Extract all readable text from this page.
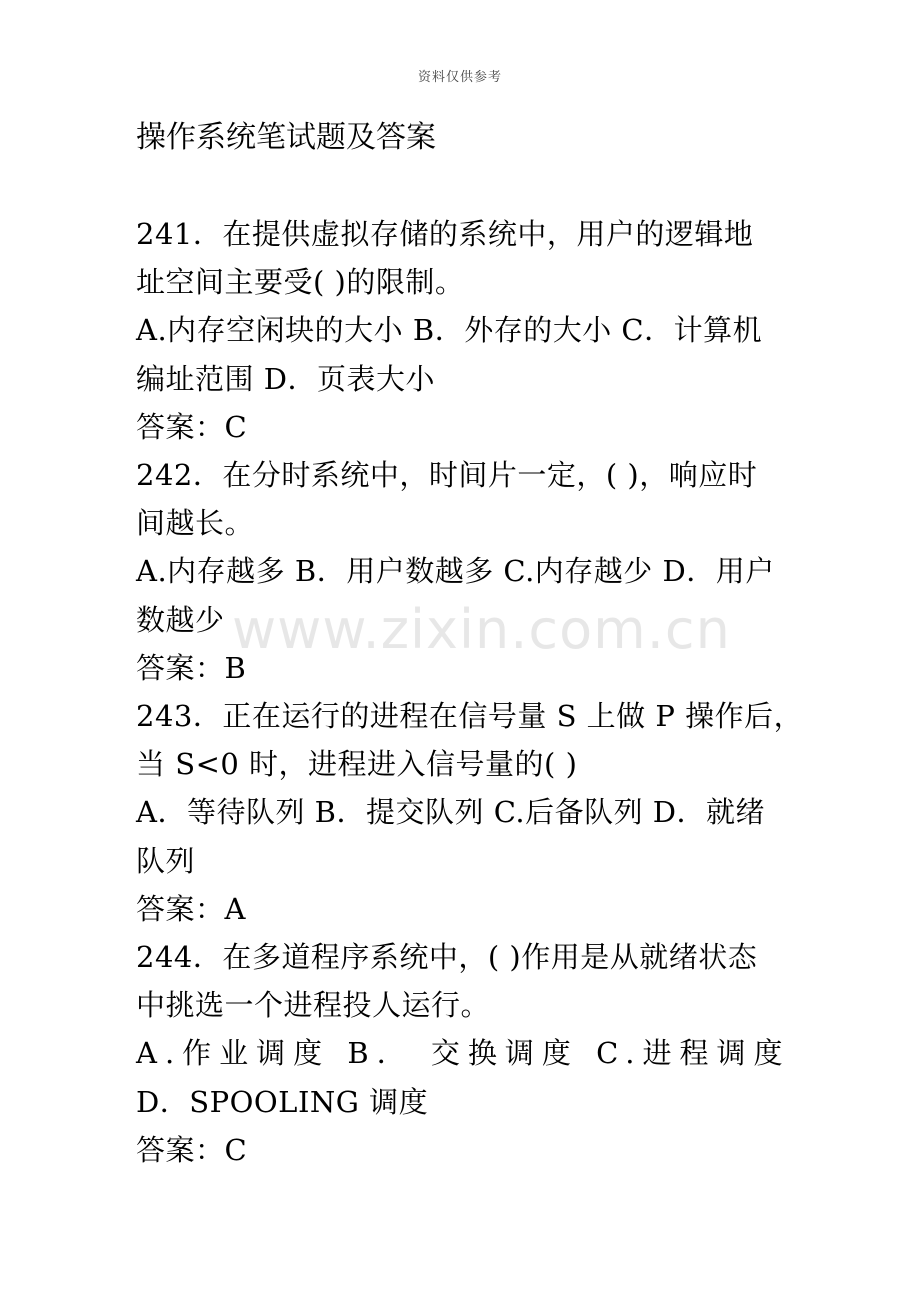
资料仅供参考
操作系统笔试题及答案
241．在提供虚拟存储的系统中，用户的逻辑地
址空间主要受( )的限制。
A.内存空闲块的大小 B．外存的大小 C．计算机
编址范围 D．页表大小
答案：C
242．在分时系统中，时间片一定，( )，响应时
间越长。
A.内存越多 B．用户数越多 C.内存越少 D．用户
数越少
答案：B
243．正在运行的进程在信号量 S 上做 P 操作后，
当 S<0 时，进程进入信号量的( )
A．等待队列 B．提交队列 C.后备队列 D．就绪
队列
答案：A
244．在多道程序系统中，( )作用是从就绪状态
中挑选一个进程投人运行。
A.作业调度 B． 交换调度 C.进程调度
D．SPOOLING 调度
答案：C
www.zixin.com.cn
